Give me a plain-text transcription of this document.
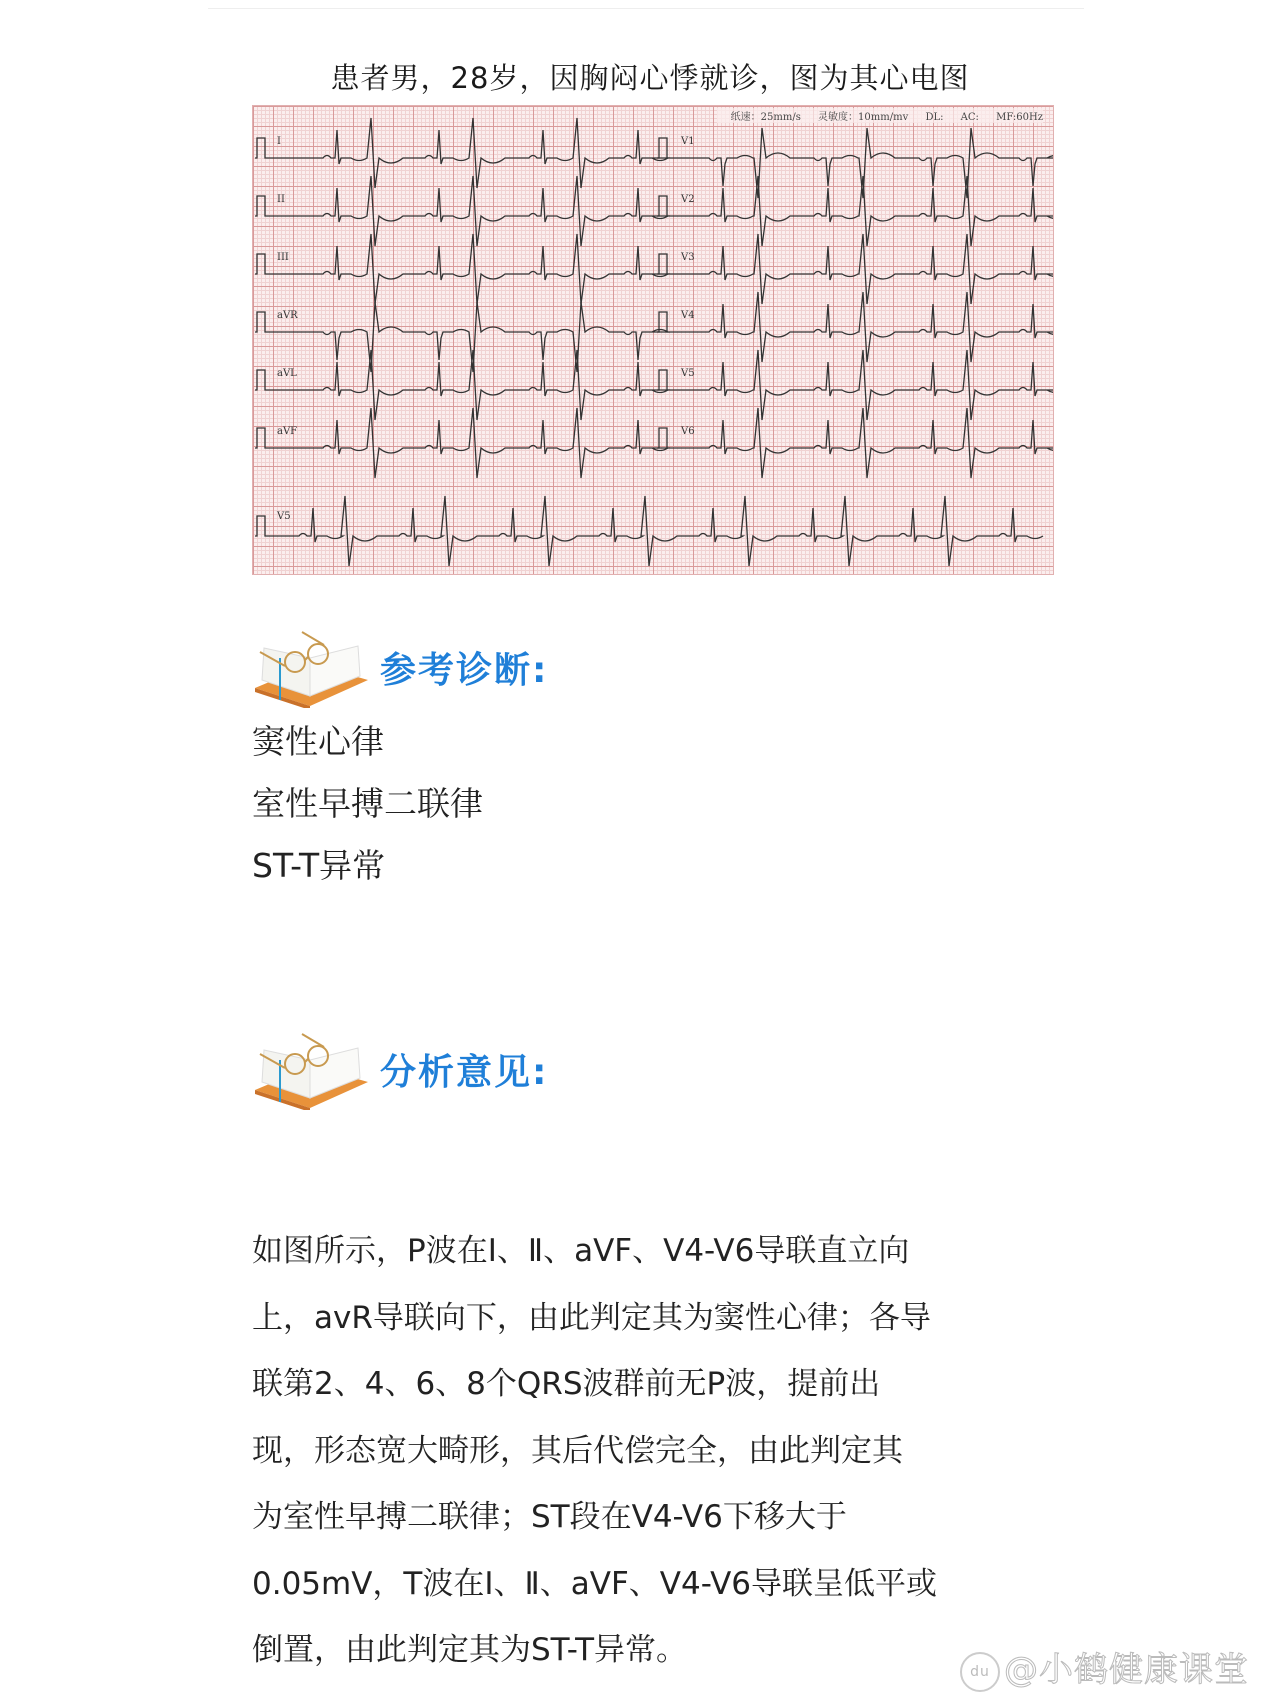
患者男，28岁，因胸闷心悸就诊，图为其心电图
纸速：25mm/s 灵敏度：10mm/mv DL: AC: MF:60Hz
I
II
III
aVR
aVL
aVF
V5
V1
V2
V3
V4
V5
V6
参考诊断:
窦性心律
室性早搏二联律
ST-T异常
分析意见:
如图所示，P波在Ⅰ、Ⅱ、aVF、V4-V6导联直立向
上，avR导联向下，由此判定其为窦性心律；各导
联第2、4、6、8个QRS波群前无P波，提前出
现，形态宽大畸形，其后代偿完全，由此判定其
为室性早搏二联律；ST段在V4-V6下移大于
0.05mV，T波在Ⅰ、Ⅱ、aVF、V4-V6导联呈低平或
倒置，由此判定其为ST-T异常。
du @小鹤健康课堂
